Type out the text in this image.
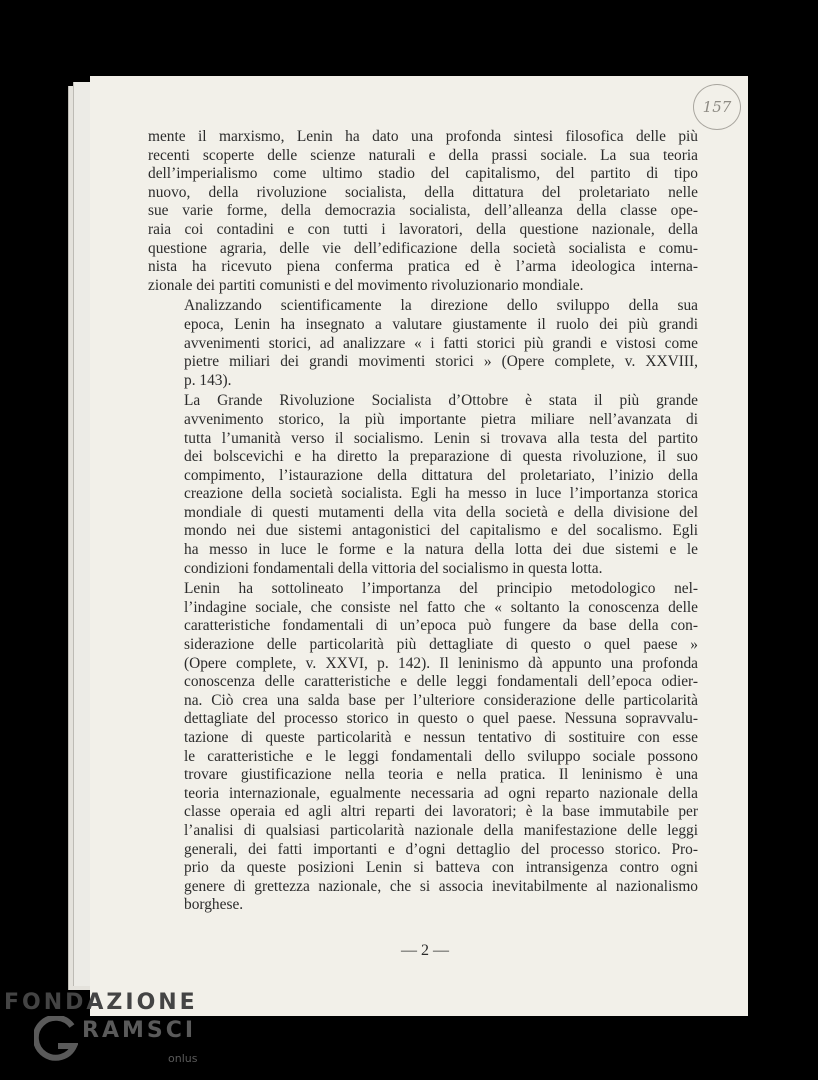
157

mente il marxismo, Lenin ha dato una profonda sintesi filosofica delle più
recenti scoperte delle scienze naturali e della prassi sociale. La sua teoria
dell’imperialismo come ultimo stadio del capitalismo, del partito di tipo
nuovo, della rivoluzione socialista, della dittatura del proletariato nelle
sue varie forme, della democrazia socialista, dell’alleanza della classe ope-
raia coi contadini e con tutti i lavoratori, della questione nazionale, della
questione agraria, delle vie dell’edificazione della società socialista e comu-
nista ha ricevuto piena conferma pratica ed è l’arma ideologica interna-
zionale dei partiti comunisti e del movimento rivoluzionario mondiale.

Analizzando scientificamente la direzione dello sviluppo della sua
epoca, Lenin ha insegnato a valutare giustamente il ruolo dei più grandi
avvenimenti storici, ad analizzare « i fatti storici più grandi e vistosi come
pietre miliari dei grandi movimenti storici » (Opere complete, v. XXVIII,
p. 143).

La Grande Rivoluzione Socialista d’Ottobre è stata il più grande
avvenimento storico, la più importante pietra miliare nell’avanzata di
tutta l’umanità verso il socialismo. Lenin si trovava alla testa del partito
dei bolscevichi e ha diretto la preparazione di questa rivoluzione, il suo
compimento, l’istaurazione della dittatura del proletariato, l’inizio della
creazione della società socialista. Egli ha messo in luce l’importanza storica
mondiale di questi mutamenti della vita della società e della divisione del
mondo nei due sistemi antagonistici del capitalismo e del socalismo. Egli
ha messo in luce le forme e la natura della lotta dei due sistemi e le
condizioni fondamentali della vittoria del socialismo in questa lotta.

Lenin ha sottolineato l’importanza del principio metodologico nel-
l’indagine sociale, che consiste nel fatto che « soltanto la conoscenza delle
caratteristiche fondamentali di un’epoca può fungere da base della con-
siderazione delle particolarità più dettagliate di questo o quel paese »
(Opere complete, v. XXVI, p. 142). Il leninismo dà appunto una profonda
conoscenza delle caratteristiche e delle leggi fondamentali dell’epoca odier-
na. Ciò crea una salda base per l’ulteriore considerazione delle particolarità
dettagliate del processo storico in questo o quel paese. Nessuna sopravvalu-
tazione di queste particolarità e nessun tentativo di sostituire con esse
le caratteristiche e le leggi fondamentali dello sviluppo sociale possono
trovare giustificazione nella teoria e nella pratica. Il leninismo è una
teoria internazionale, egualmente necessaria ad ogni reparto nazionale della
classe operaia ed agli altri reparti dei lavoratori; è la base immutabile per
l’analisi di qualsiasi particolarità nazionale della manifestazione delle leggi
generali, dei fatti importanti e d’ogni dettaglio del processo storico. Pro-
prio da queste posizioni Lenin si batteva con intransigenza contro ogni
genere di grettezza nazionale, che si associa inevitabilmente al nazionalismo
borghese.

— 2 —
FONDAZIONE
RAMSCI
onlus
